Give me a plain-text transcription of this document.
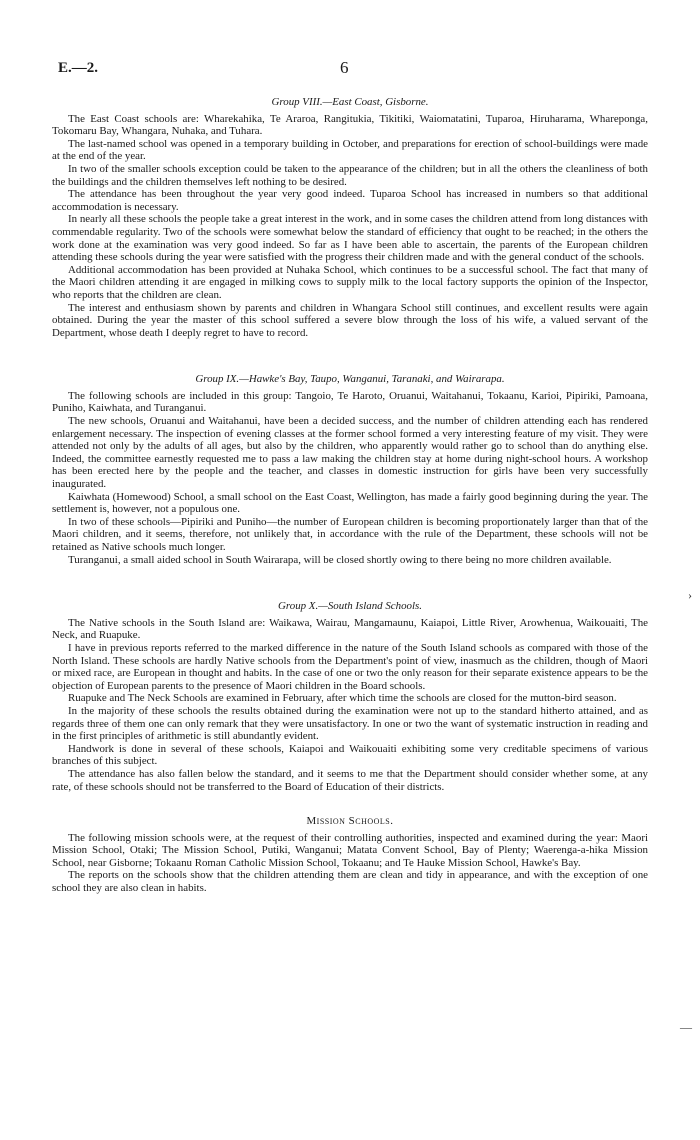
E.—2.	6
Group VIII.—East Coast, Gisborne.

The East Coast schools are: Wharekahika, Te Araroa, Rangitukia, Tikitiki, Waiomatatini, Tuparoa, Hiruharama, Whareponga, Tokomaru Bay, Whangara, Nuhaka, and Tuhara.

The last-named school was opened in a temporary building in October, and preparations for erection of school-buildings were made at the end of the year.

In two of the smaller schools exception could be taken to the appearance of the children; but in all the others the cleanliness of both the buildings and the children themselves left nothing to be desired.

The attendance has been throughout the year very good indeed. Tuparoa School has increased in numbers so that additional accommodation is necessary.

In nearly all these schools the people take a great interest in the work, and in some cases the children attend from long distances with commendable regularity. Two of the schools were somewhat below the standard of efficiency that ought to be reached; in the others the work done at the examination was very good indeed. So far as I have been able to ascertain, the parents of the European children attending these schools during the year were satisfied with the progress their children made and with the general conduct of the schools.

Additional accommodation has been provided at Nuhaka School, which continues to be a successful school. The fact that many of the Maori children attending it are engaged in milking cows to supply milk to the local factory supports the opinion of the Inspector, who reports that the children are clean.

The interest and enthusiasm shown by parents and children in Whangara School still continues, and excellent results were again obtained. During the year the master of this school suffered a severe blow through the loss of his wife, a valued servant of the Department, whose death I deeply regret to have to record.

Group IX.—Hawke's Bay, Taupo, Wanganui, Taranaki, and Wairarapa.

The following schools are included in this group: Tangoio, Te Haroto, Oruanui, Waitahanui, Tokaanu, Karioi, Pipiriki, Pamoana, Puniho, Kaiwhata, and Turanganui.

The new schools, Oruanui and Waitahanui, have been a decided success, and the number of children attending each has rendered enlargement necessary. The inspection of evening classes at the former school formed a very interesting feature of my visit. They were attended not only by the adults of all ages, but also by the children, who apparently would rather go to school than do anything else. Indeed, the committee earnestly requested me to pass a law making the children stay at home during night-school hours. A workshop has been erected here by the people and the teacher, and classes in domestic instruction for girls have been very successfully inaugurated.

Kaiwhata (Homewood) School, a small school on the East Coast, Wellington, has made a fairly good beginning during the year. The settlement is, however, not a populous one.

In two of these schools—Pipiriki and Puniho—the number of European children is becoming proportionately larger than that of the Maori children, and it seems, therefore, not unlikely that, in accordance with the rule of the Department, these schools will not be retained as Native schools much longer.

Turanganui, a small aided school in South Wairarapa, will be closed shortly owing to there being no more children available.

Group X.—South Island Schools.

The Native schools in the South Island are: Waikawa, Wairau, Mangamaunu, Kaiapoi, Little River, Arowhenua, Waikouaiti, The Neck, and Ruapuke.

I have in previous reports referred to the marked difference in the nature of the South Island schools as compared with those of the North Island. These schools are hardly Native schools from the Department's point of view, inasmuch as the children, though of Maori or mixed race, are European in thought and habits. In the case of one or two the only reason for their separate existence appears to be the objection of European parents to the presence of Maori children in the Board schools.

Ruapuke and The Neck Schools are examined in February, after which time the schools are closed for the mutton-bird season.

In the majority of these schools the results obtained during the examination were not up to the standard hitherto attained, and as regards three of them one can only remark that they were unsatisfactory. In one or two the want of systematic instruction in reading and in the first principles of arithmetic is still abundantly evident.

Handwork is done in several of these schools, Kaiapoi and Waikouaiti exhibiting some very creditable specimens of various branches of this subject.

The attendance has also fallen below the standard, and it seems to me that the Department should consider whether some, at any rate, of these schools should not be transferred to the Board of Education of their districts.

Mission Schools.

The following mission schools were, at the request of their controlling authorities, inspected and examined during the year: Maori Mission School, Otaki; The Mission School, Putiki, Wanganui; Matata Convent School, Bay of Plenty; Waerenga-a-hika Mission School, near Gisborne; Tokaanu Roman Catholic Mission School, Tokaanu; and Te Hauke Mission School, Hawke's Bay.

The reports on the schools show that the children attending them are clean and tidy in appearance, and with the exception of one school they are also clean in habits.

›
—
